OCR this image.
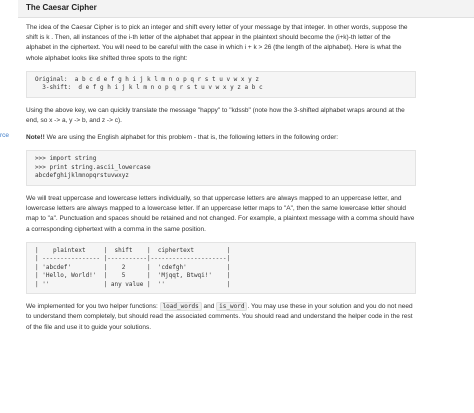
The Caesar Cipher
rce

The idea of the Caesar Cipher is to pick an integer and shift every letter of your message by that integer. In other words, suppose the shift is k . Then, all instances of the i-th letter of the alphabet that appear in the plaintext should become the (i+k)-th letter of the alphabet in the ciphertext. You will need to be careful with the case in which i + k > 26 (the length of the alphabet). Here is what the whole alphabet looks like shifted three spots to the right:

Original:  a b c d e f g h i j k l m n o p q r s t u v w x y z
3-shift:  d e f g h i j k l m n o p q r s t u v w x y z a b c

Using the above key, we can quickly translate the message "happy" to "kdssb" (note how the 3-shifted alphabet wraps around at the end, so x -> a, y -> b, and z -> c).

Note!! We are using the English alphabet for this problem - that is, the following letters in the following order:

>>> import string
>>> print string.ascii_lowercase
abcdefghijklmnopqrstuvwxyz

We will treat uppercase and lowercase letters individually, so that uppercase letters are always mapped to an uppercase letter, and lowercase letters are always mapped to a lowercase letter. If an uppercase letter maps to "A", then the same lowercase letter should map to "a". Punctuation and spaces should be retained and not changed. For example, a plaintext message with a comma should have a corresponding ciphertext with a comma in the same position.

|    plaintext     |  shift    |  ciphertext         |
| ---------------- |-----------|---------------------|
| 'abcdef'         |    2      |  'cdefgh'           |
| 'Hello, World!'  |    5      |  'Mjqqt, Btwqi!'    |
| ''               | any value |  ''                 |

We implemented for you two helper functions: load_words and is_word . You may use these in your solution and you do not need to understand them completely, but should read the associated comments. You should read and understand the helper code in the rest of the file and use it to guide your solutions.
